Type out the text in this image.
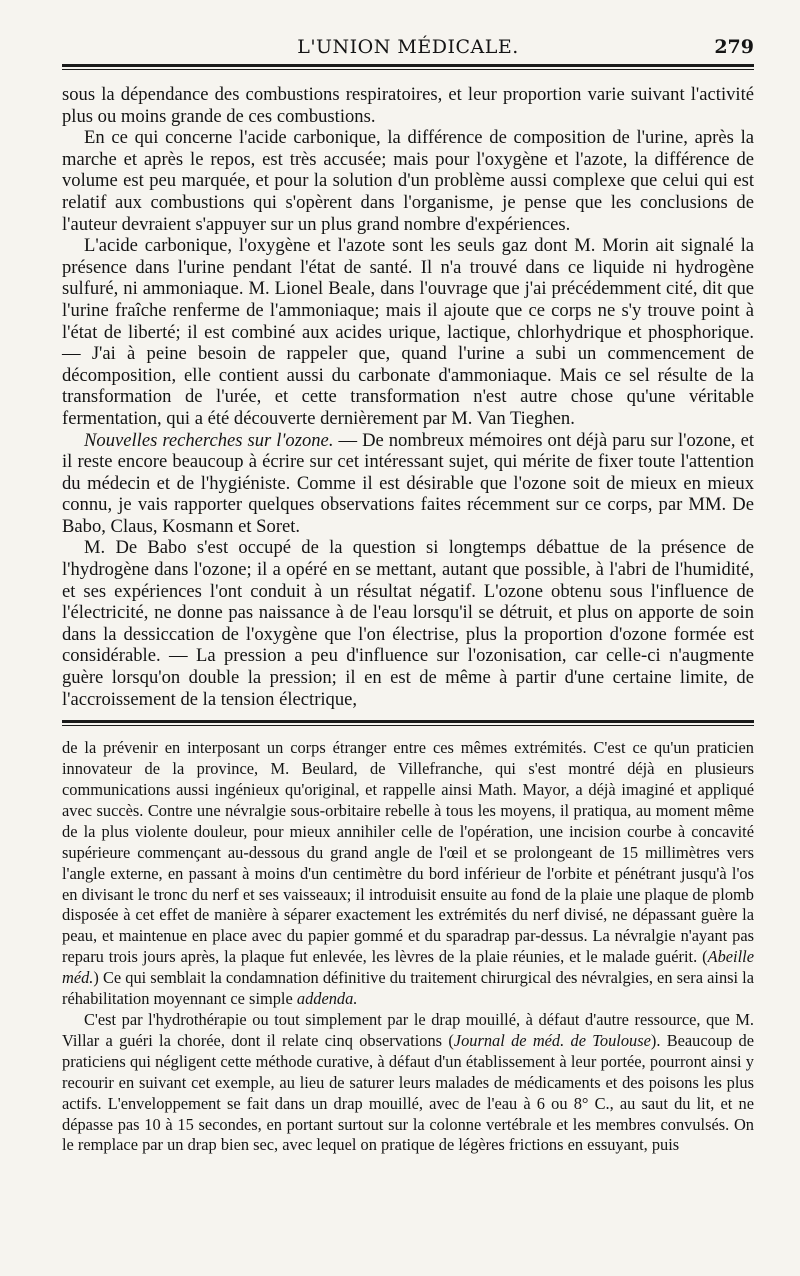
L'UNION MÉDICALE.	279

sous la dépendance des combustions respiratoires, et leur proportion varie suivant l'activité plus ou moins grande de ces combustions.

En ce qui concerne l'acide carbonique, la différence de composition de l'urine, après la marche et après le repos, est très accusée; mais pour l'oxygène et l'azote, la différence de volume est peu marquée, et pour la solution d'un problème aussi complexe que celui qui est relatif aux combustions qui s'opèrent dans l'organisme, je pense que les conclusions de l'auteur devraient s'appuyer sur un plus grand nombre d'expériences.

L'acide carbonique, l'oxygène et l'azote sont les seuls gaz dont M. Morin ait signalé la présence dans l'urine pendant l'état de santé. Il n'a trouvé dans ce liquide ni hydrogène sulfuré, ni ammoniaque. M. Lionel Beale, dans l'ouvrage que j'ai précédemment cité, dit que l'urine fraîche renferme de l'ammoniaque; mais il ajoute que ce corps ne s'y trouve point à l'état de liberté; il est combiné aux acides urique, lactique, chlorhydrique et phosphorique. — J'ai à peine besoin de rappeler que, quand l'urine a subi un commencement de décomposition, elle contient aussi du carbonate d'ammoniaque. Mais ce sel résulte de la transformation de l'urée, et cette transformation n'est autre chose qu'une véritable fermentation, qui a été découverte dernièrement par M. Van Tieghen.

Nouvelles recherches sur l'ozone. — De nombreux mémoires ont déjà paru sur l'ozone, et il reste encore beaucoup à écrire sur cet intéressant sujet, qui mérite de fixer toute l'attention du médecin et de l'hygiéniste. Comme il est désirable que l'ozone soit de mieux en mieux connu, je vais rapporter quelques observations faites récemment sur ce corps, par MM. De Babo, Claus, Kosmann et Soret.

M. De Babo s'est occupé de la question si longtemps débattue de la présence de l'hydrogène dans l'ozone; il a opéré en se mettant, autant que possible, à l'abri de l'humidité, et ses expériences l'ont conduit à un résultat négatif. L'ozone obtenu sous l'influence de l'électricité, ne donne pas naissance à de l'eau lorsqu'il se détruit, et plus on apporte de soin dans la dessiccation de l'oxygène que l'on électrise, plus la proportion d'ozone formée est considérable. — La pression a peu d'influence sur l'ozonisation, car celle-ci n'augmente guère lorsqu'on double la pression; il en est de même à partir d'une certaine limite, de l'accroissement de la tension électrique,

de la prévenir en interposant un corps étranger entre ces mêmes extrémités. C'est ce qu'un praticien innovateur de la province, M. Beulard, de Villefranche, qui s'est montré déjà en plusieurs communications aussi ingénieux qu'original, et rappelle ainsi Math. Mayor, a déjà imaginé et appliqué avec succès. Contre une névralgie sous-orbitaire rebelle à tous les moyens, il pratiqua, au moment même de la plus violente douleur, pour mieux annihiler celle de l'opération, une incision courbe à concavité supérieure commençant au-dessous du grand angle de l'œil et se prolongeant de 15 millimètres vers l'angle externe, en passant à moins d'un centimètre du bord inférieur de l'orbite et pénétrant jusqu'à l'os en divisant le tronc du nerf et ses vaisseaux; il introduisit ensuite au fond de la plaie une plaque de plomb disposée à cet effet de manière à séparer exactement les extrémités du nerf divisé, ne dépassant guère la peau, et maintenue en place avec du papier gommé et du sparadrap par-dessus. La névralgie n'ayant pas reparu trois jours après, la plaque fut enlevée, les lèvres de la plaie réunies, et le malade guérit. (Abeille méd.) Ce qui semblait la condamnation définitive du traitement chirurgical des névralgies, en sera ainsi la réhabilitation moyennant ce simple addenda.

C'est par l'hydrothérapie ou tout simplement par le drap mouillé, à défaut d'autre ressource, que M. Villar a guéri la chorée, dont il relate cinq observations (Journal de méd. de Toulouse). Beaucoup de praticiens qui négligent cette méthode curative, à défaut d'un établissement à leur portée, pourront ainsi y recourir en suivant cet exemple, au lieu de saturer leurs malades de médicaments et des poisons les plus actifs. L'enveloppement se fait dans un drap mouillé, avec de l'eau à 6 ou 8° C., au saut du lit, et ne dépasse pas 10 à 15 secondes, en portant surtout sur la colonne vertébrale et les membres convulsés. On le remplace par un drap bien sec, avec lequel on pratique de légères frictions en essuyant, puis
